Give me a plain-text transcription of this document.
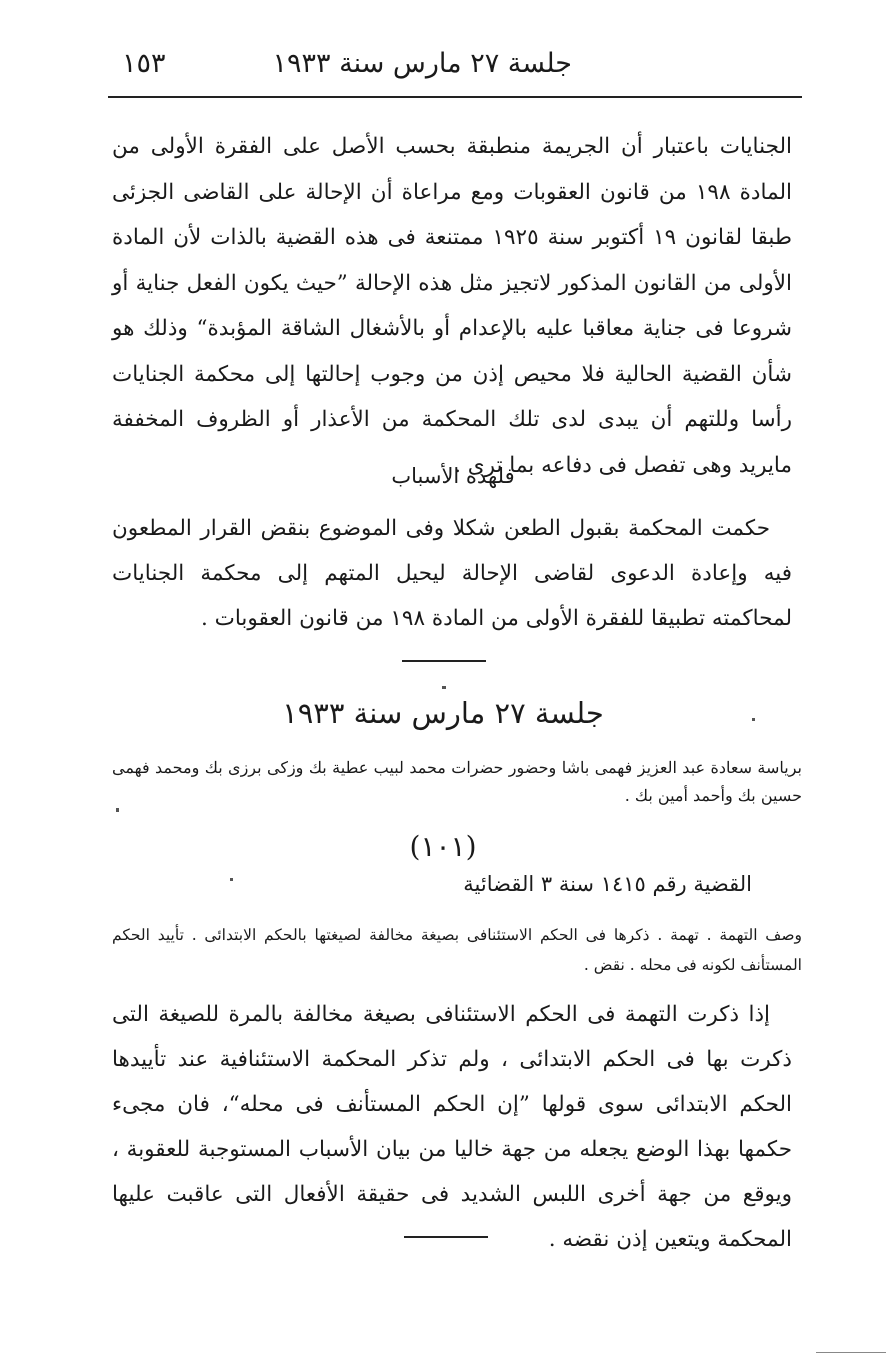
جلسة ٢٧ مارس سنة ١٩٣٣
١٥٣
الجنايات باعتبار أن الجريمة منطبقة بحسب الأصل على الفقرة الأولى من المادة ١٩٨ من قانون العقوبات ومع مراعاة أن الإحالة على القاضى الجزئى طبقا لقانون ١٩ أكتوبر سنة ١٩٢٥ ممتنعة فى هذه القضية بالذات لأن المادة الأولى من القانون المذكور لاتجيز مثل هذه الإحالة ”حيث يكون الفعل جناية أو شروعا فى جناية معاقبا عليه بالإعدام أو بالأشغال الشاقة المؤبدة“ وذلك هو شأن القضية الحالية فلا محيص إذن من وجوب إحالتها إلى محكمة الجنايات رأسا وللتهم أن يبدى لدى تلك المحكمة من الأعذار أو الظروف المخففة مايريد وهى تفصل فى دفاعه بما ترى .
فلهذه الأسباب
حكمت المحكمة بقبول الطعن شكلا وفى الموضوع بنقض القرار المطعون فيه وإعادة الدعوى لقاضى الإحالة ليحيل المتهم إلى محكمة الجنايات لمحاكمته تطبيقا للفقرة الأولى من المادة ١٩٨ من قانون العقوبات .
جلسة ٢٧ مارس سنة ١٩٣٣
برياسة سعادة عبد العزيز فهمى باشا وحضور حضرات محمد لبيب عطية بك وزكى برزى بك ومحمد فهمى حسين بك وأحمد أمين بك .
(١٠١)
القضية رقم ١٤١٥ سنة ٣ القضائية
وصف التهمة . تهمة . ذكرها فى الحكم الاستئنافى بصيغة مخالفة لصيغتها بالحكم الابتدائى . تأييد الحكم المستأنف لكونه فى محله . نقض .
إذا ذكرت التهمة فى الحكم الاستئنافى بصيغة مخالفة بالمرة للصيغة التى ذكرت بها فى الحكم الابتدائى ، ولم تذكر المحكمة الاستئنافية عند تأييدها الحكم الابتدائى سوى قولها ”إن الحكم المستأنف فى محله“، فان مجىء حكمها بهذا الوضع يجعله من جهة خاليا من بيان الأسباب المستوجبة للعقوبة ، ويوقع من جهة أخرى اللبس الشديد فى حقيقة الأفعال التى عاقبت عليها المحكمة ويتعين إذن نقضه .
